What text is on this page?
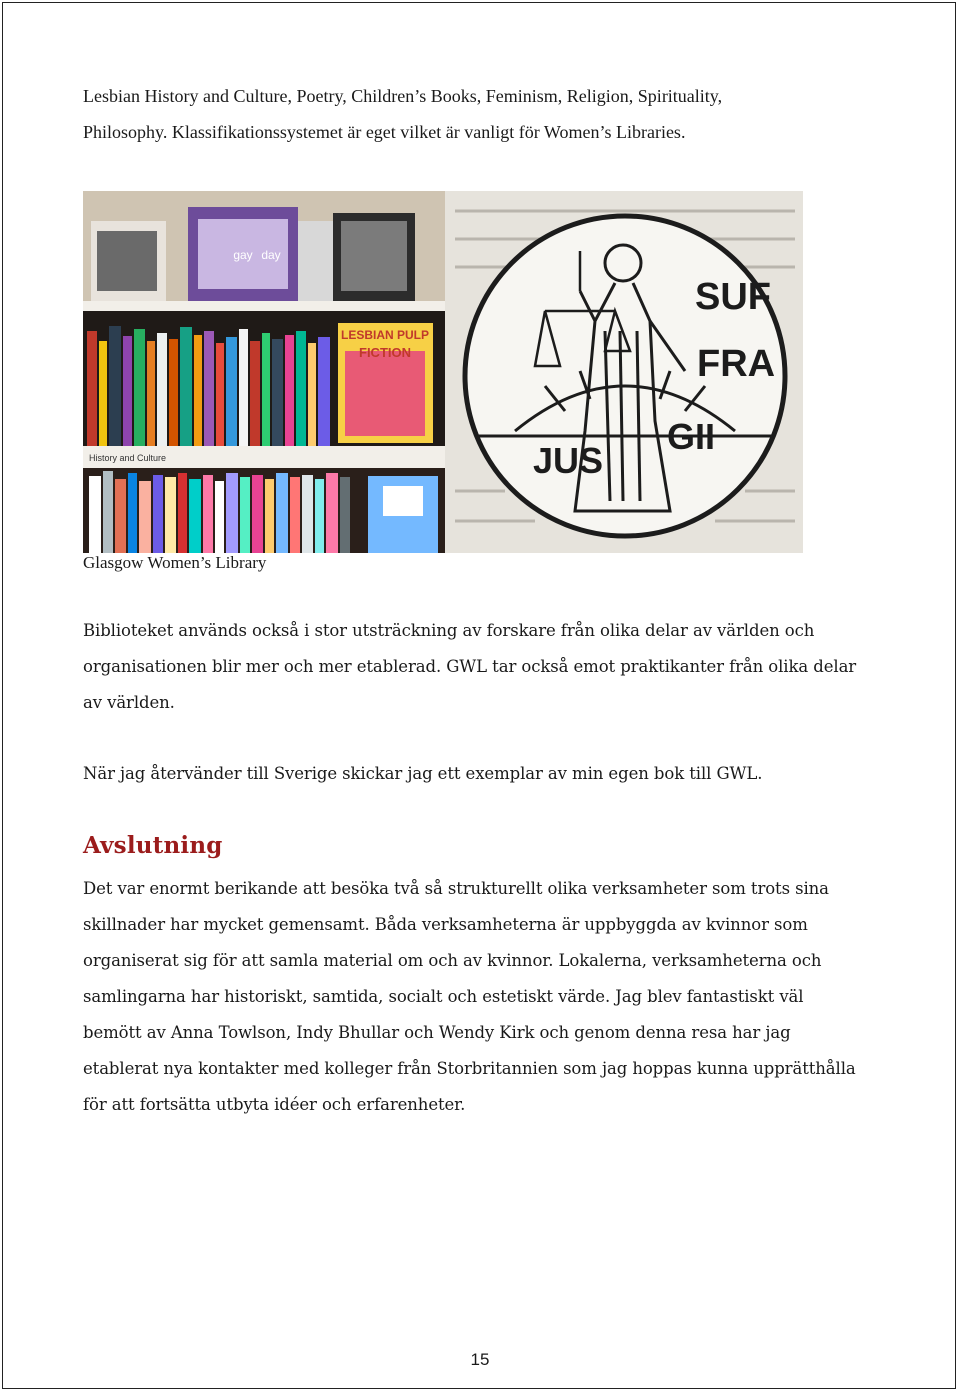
Lesbian History and Culture, Poetry, Children’s Books, Feminism, Religion, Spirituality,
Philosophy. Klassifikationssystemet är eget vilket är vanligt för Women’s Libraries.
gay day
LESBIAN PULP
FICTION
History and Culture
SUF
FRA
GII
JUS
Glasgow Women’s Library
Biblioteket används också i stor utsträckning av forskare från olika delar av världen och
organisationen blir mer och mer etablerad. GWL tar också emot praktikanter från olika delar
av världen.
När jag återvänder till Sverige skickar jag ett exemplar av min egen bok till GWL.
Avslutning
Det var enormt berikande att besöka två så strukturellt olika verksamheter som trots sina
skillnader har mycket gemensamt. Båda verksamheterna är uppbyggda av kvinnor som
organiserat sig för att samla material om och av kvinnor. Lokalerna, verksamheterna och
samlingarna har historiskt, samtida, socialt och estetiskt värde. Jag blev fantastiskt väl
bemött av Anna Towlson, Indy Bhullar och Wendy Kirk och genom denna resa har jag
etablerat nya kontakter med kolleger från Storbritannien som jag hoppas kunna upprätthålla
för att fortsätta utbyta idéer och erfarenheter.
15
